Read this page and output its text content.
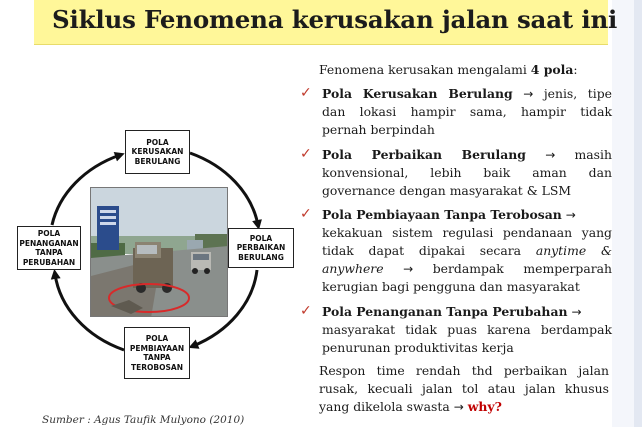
Siklus Fenomena kerusakan jalan saat ini
POLA
KERUSAKAN
BERULANG
POLA
PERBAIKAN
BERULANG
POLA
PEMBIAYAAN
TANPA
TEROBOSAN
POLA
PENANGANAN
TANPA
PERUBAHAN
Sumber : Agus Taufik Mulyono (2010)
Fenomena kerusakan mengalami 4 pola:
✓ Pola Kerusakan Berulang → jenis, tipe
dan lokasi hampir sama, hampir tidak
pernah berpindah
✓ Pola Perbaikan Berulang → masih
konvensional, lebih baik aman dan
governance dengan masyarakat & LSM
✓ Pola Pembiayaan Tanpa Terobosan →
kekakuan sistem regulasi pendanaan yang
tidak dapat dipakai secara anytime &
anywhere → berdampak memperparah
kerugian bagi pengguna dan masyarakat
✓ Pola Penanganan Tanpa Perubahan →
masyarakat tidak puas karena berdampak
penurunan produktivitas kerja
Respon time rendah thd perbaikan jalan
rusak, kecuali jalan tol atau jalan khusus
yang dikelola swasta → why?
